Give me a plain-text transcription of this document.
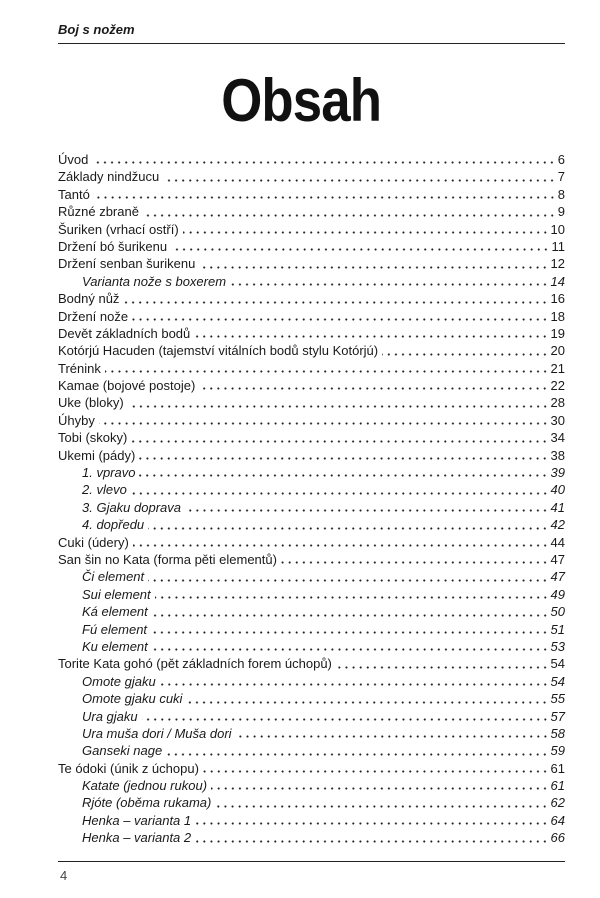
Boj s nožem
Obsah
Úvod	6
Základy nindžucu	7
Tantó	8
Různé zbraně	9
Šuriken (vrhací ostří)	10
Držení bó šurikenu	11
Držení senban šurikenu	12
Varianta nože s boxerem	14
Bodný nůž	16
Držení nože	18
Devět základních bodů	19
Kotórjú Hacuden (tajemství vitálních bodů stylu Kotórjú)	20
Trénink	21
Kamae (bojové postoje)	22
Uke (bloky)	28
Úhyby	30
Tobi (skoky)	34
Ukemi (pády)	38
1. vpravo	39
2. vlevo	40
3. Gjaku doprava	41
4. dopředu	42
Cuki (údery)	44
San šin no Kata (forma pěti elementů)	47
Či element	47
Sui element	49
Ká element	50
Fú element	51
Ku element	53
Torite Kata gohó (pět základních forem úchopů)	54
Omote gjaku	54
Omote gjaku cuki	55
Ura gjaku	57
Ura muša dori / Muša dori	58
Ganseki nage	59
Te ódoki (únik z úchopu)	61
Katate (jednou rukou)	61
Rjóte (oběma rukama)	62
Henka – varianta 1	64
Henka – varianta 2	66
4
